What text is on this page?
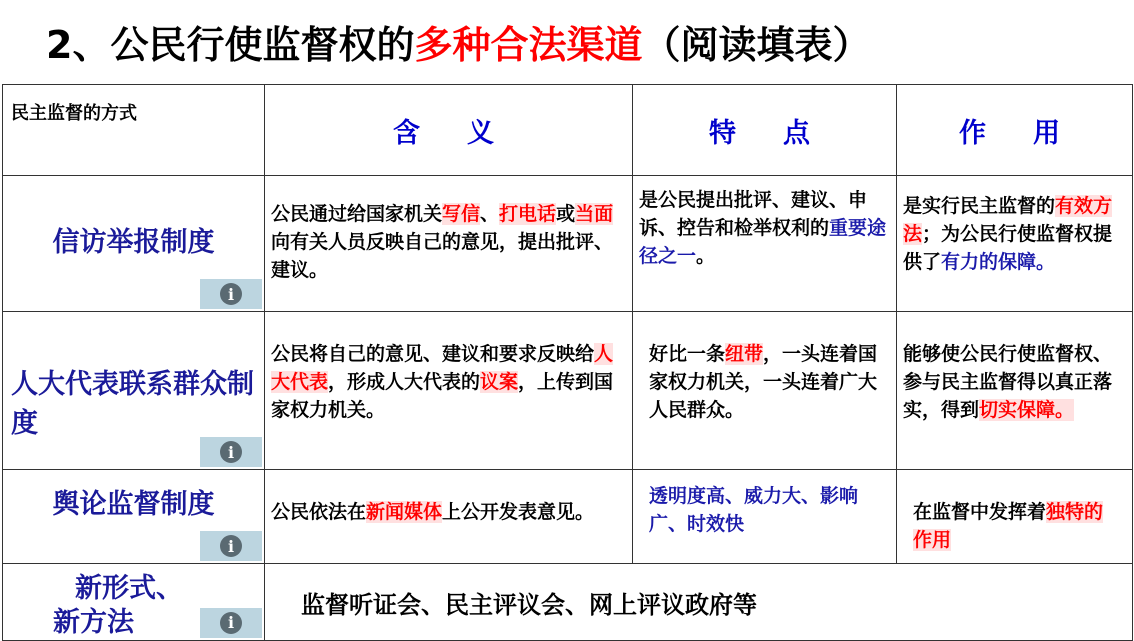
2、公民行使监督权的多种合法渠道（阅读填表）
民主监督的方式	含　义	特　点	作　用

信访举报制度
i	公民通过给国家机关写信、打电话或当面向有关人员反映自己的意见，提出批评、建议。	是公民提出批评、建议、申诉、控告和检举权利的重要途径之一。	是实行民主监督的有效方法；为公民行使监督权提供了有力的保障。

人大代表联系群众制度
i	公民将自己的意见、建议和要求反映给人大代表，形成人大代表的议案，上传到国家权力机关。	好比一条纽带，一头连着国家权力机关，一头连着广大人民群众。	能够使公民行使监督权、参与民主监督得以真正落实，得到切实保障。

舆论监督制度
i	公民依法在新闻媒体上公开发表意见。	透明度高、威力大、影响广、时效快	在监督中发挥着独特的作用

新形式、
新方法 i	监督听证会、民主评议会、网上评议政府等		
